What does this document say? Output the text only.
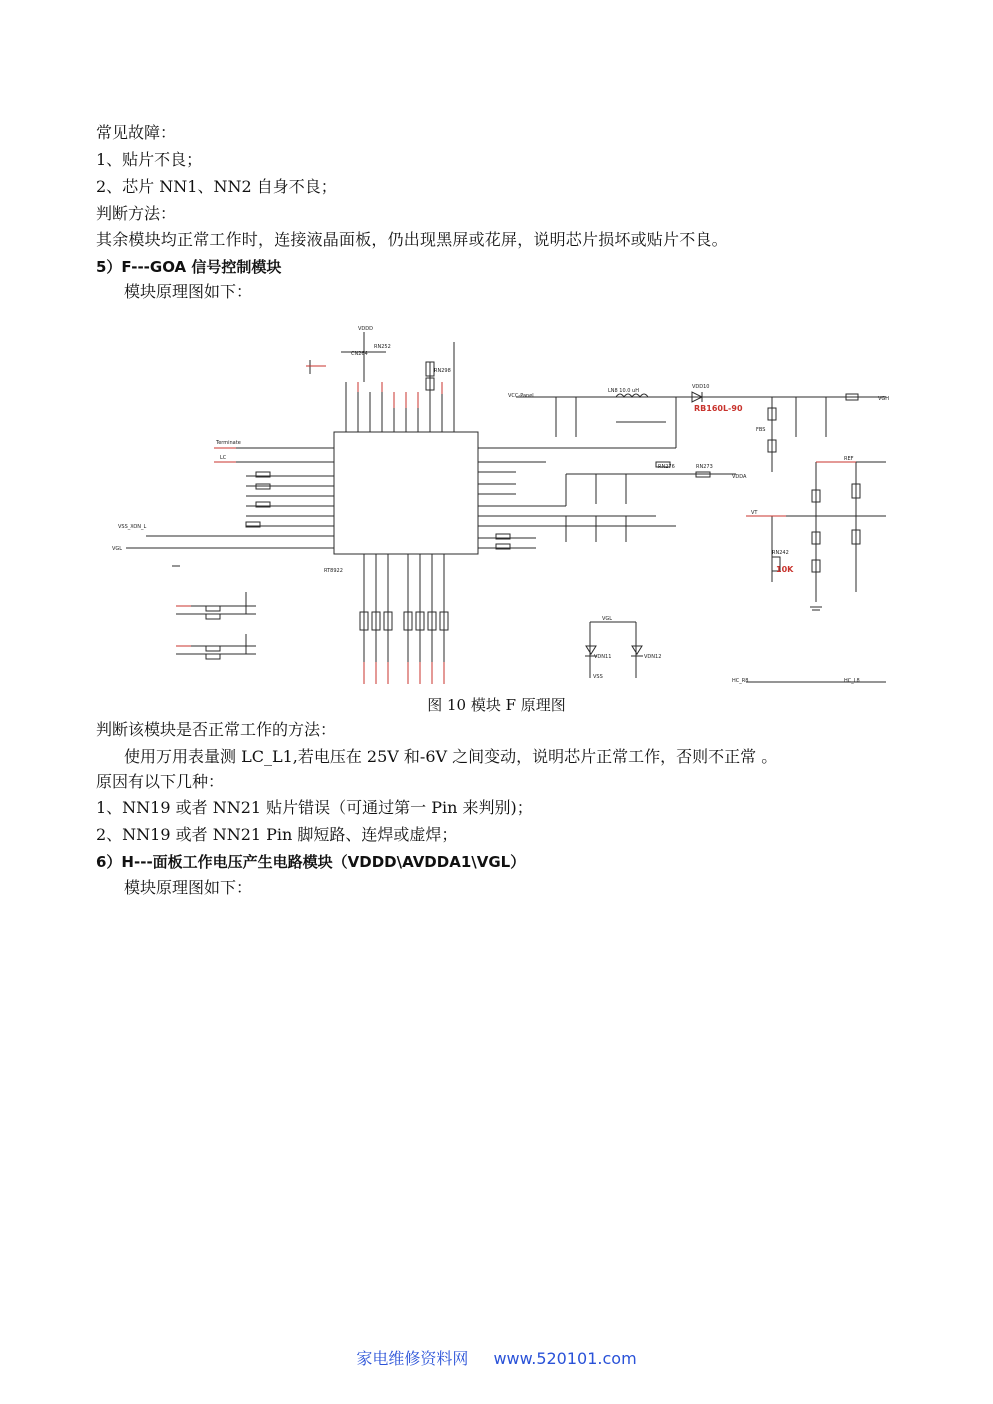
常见故障：
1、贴片不良；
2、芯片 NN1、NN2 自身不良；
判断方法：
其余模块均正常工作时，连接液晶面板，仍出现黑屏或花屏，说明芯片损坏或贴片不良。
5）F---GOA 信号控制模块
模块原理图如下：
VDDD
CN264
RN252
RN298
VCC-Panel
LN8 10.0 uH
VDD10
VGH
VDDA
RN276	RN273
FBS
REF
VT
RN242
RT8922
Terminate
LC
VSS_XON_L
VGL
VGL
VDN11	VDN12
VSS
HC_R8	HC_L8
RB160L-90
10K
图 10 模块 F 原理图
判断该模块是否正常工作的方法：
使用万用表量测 LC_L1,若电压在 25V 和-6V 之间变动，说明芯片正常工作，否则不正常 。
原因有以下几种：
1、NN19 或者 NN21 贴片错误（可通过第一 Pin 来判别)；
2、NN19 或者 NN21 Pin 脚短路、连焊或虚焊；
6）H---面板工作电压产生电路模块（VDDD\AVDDA1\VGL）
模块原理图如下：
家电维修资料网 www.520101.com
